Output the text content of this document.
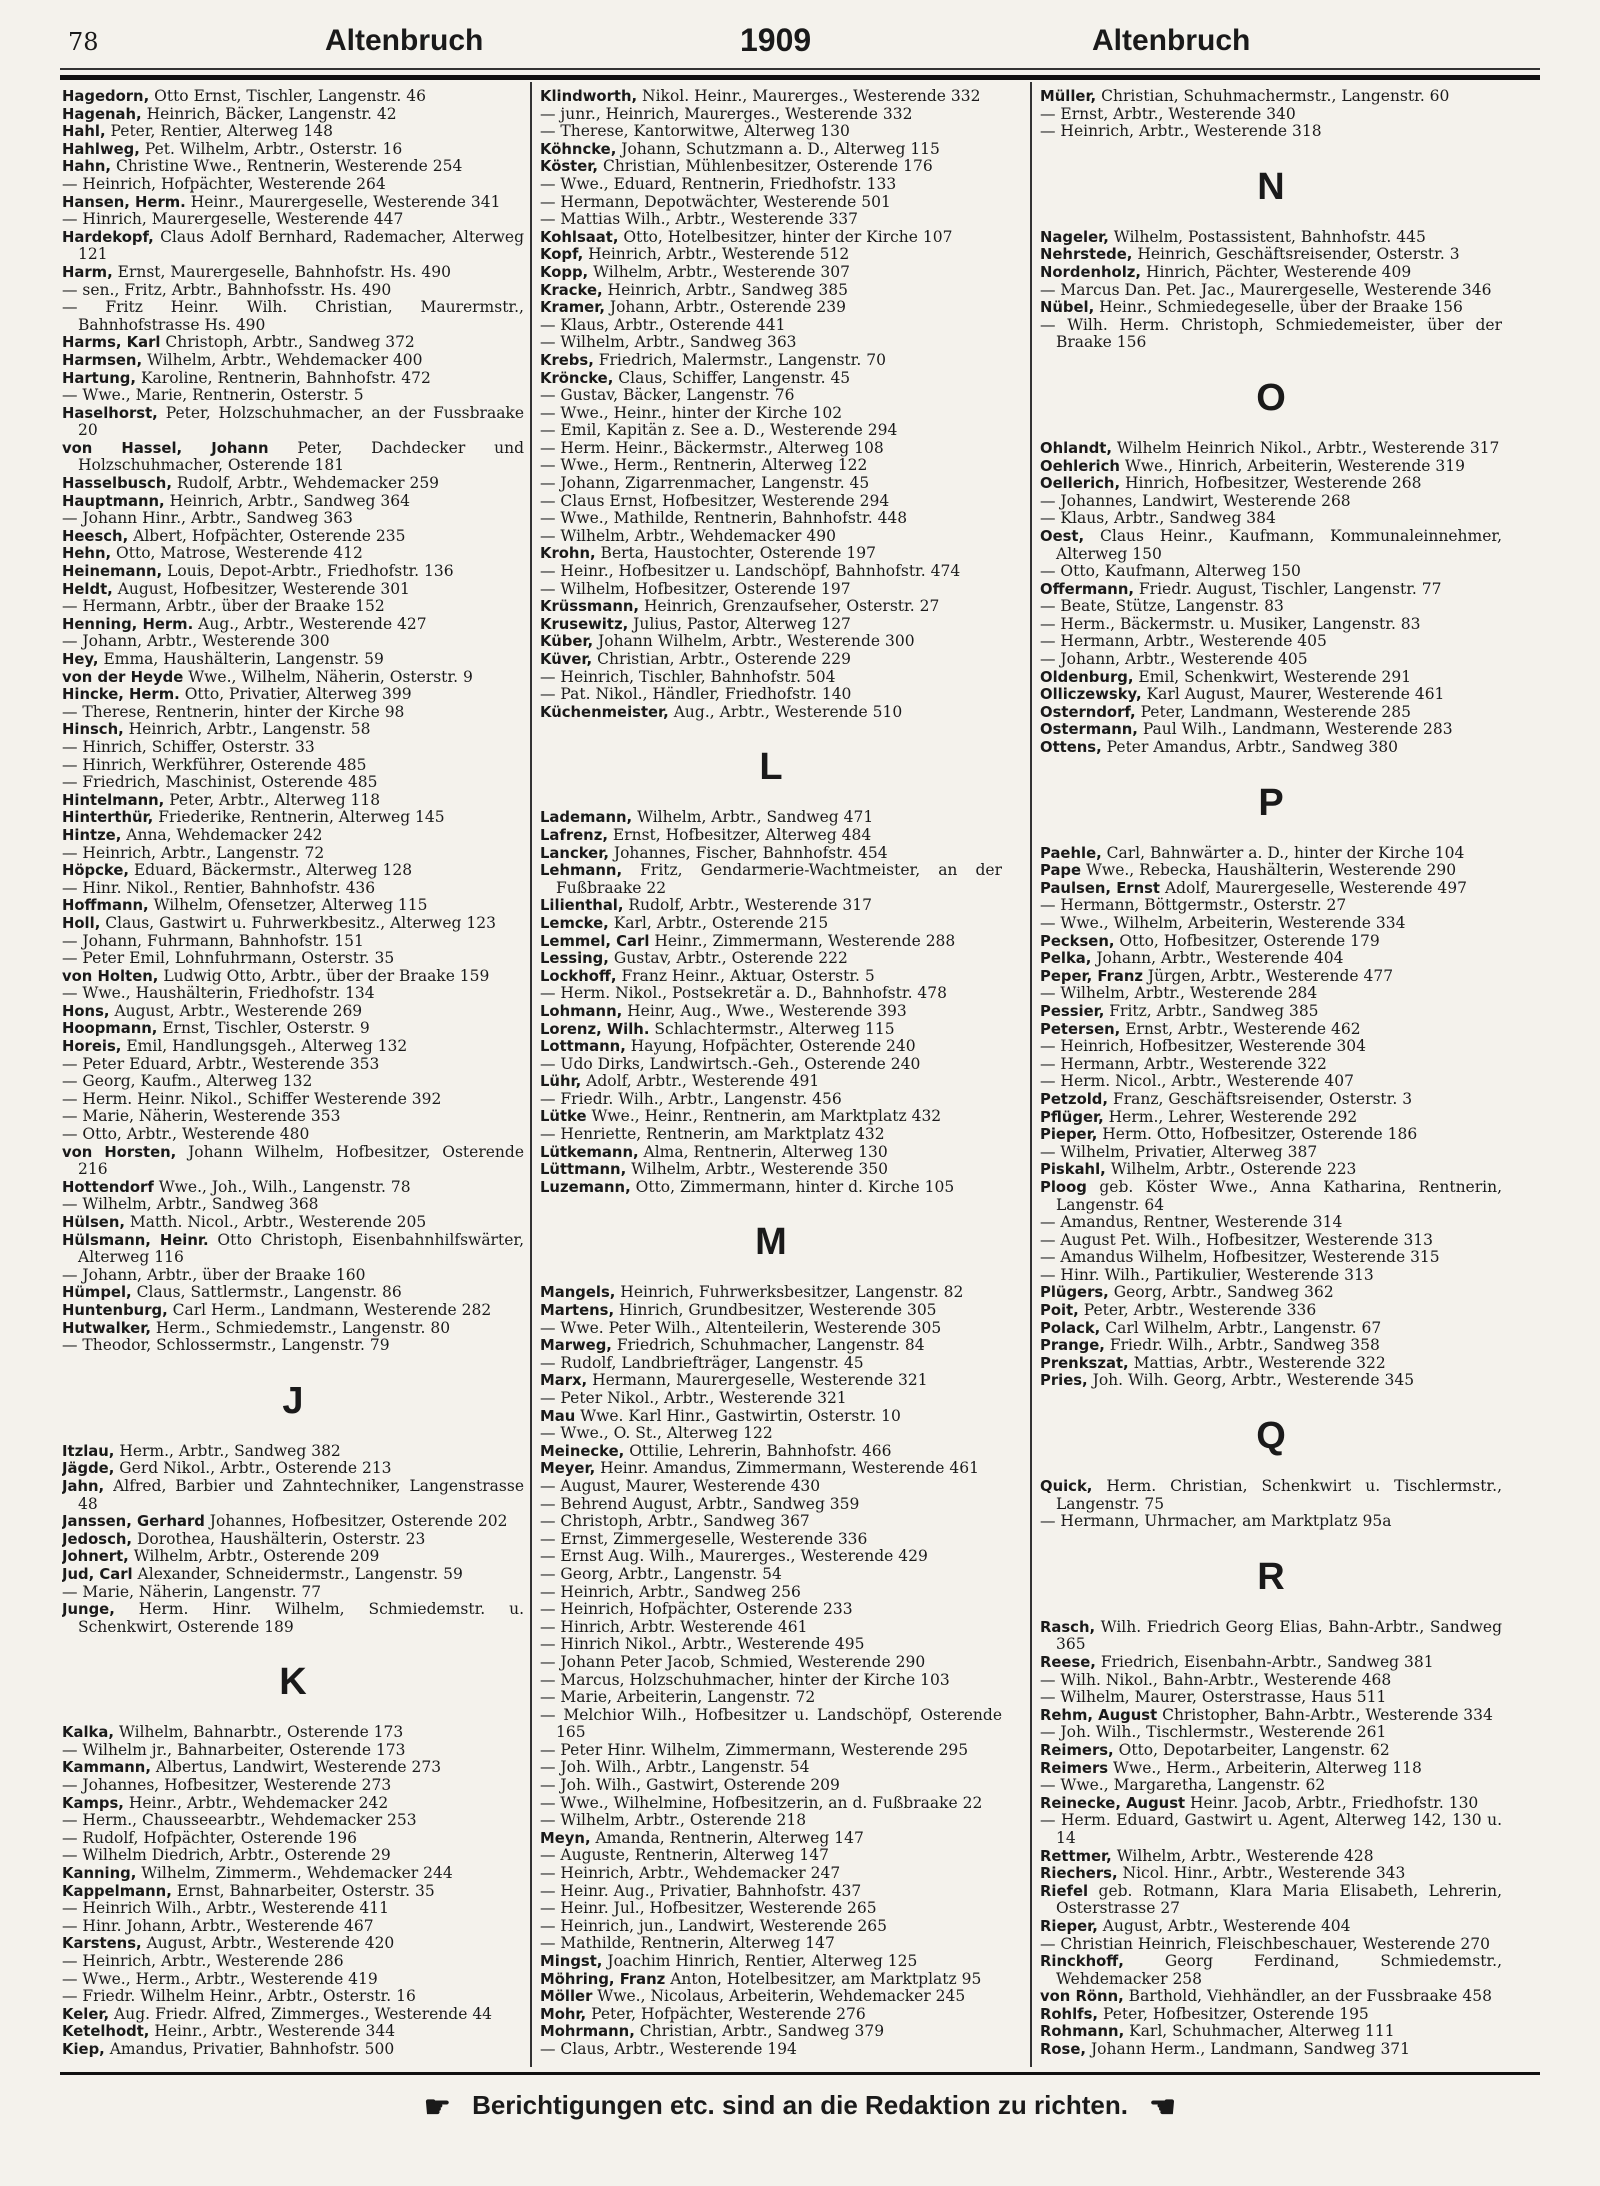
78	Altenbruch	1909	Altenbruch
Hagedorn, Otto Ernst, Tischler, Langenstr. 46
Hagenah, Heinrich, Bäcker, Langenstr. 42
Hahl, Peter, Rentier, Alterweg 148
Hahlweg, Pet. Wilhelm, Arbtr., Osterstr. 16
Hahn, Christine Wwe., Rentnerin, Westerende 254
— Heinrich, Hofpächter, Westerende 264
Hansen, Herm. Heinr., Maurergeselle, Westerende 341
— Hinrich, Maurergeselle, Westerende 447
Hardekopf, Claus Adolf Bernhard, Rademacher, Alterweg 121
Harm, Ernst, Maurergeselle, Bahnhofstr. Hs. 490
— sen., Fritz, Arbtr., Bahnhofsstr. Hs. 490
— Fritz Heinr. Wilh. Christian, Maurermstr., Bahnhofstrasse Hs. 490
Harms, Karl Christoph, Arbtr., Sandweg 372
Harmsen, Wilhelm, Arbtr., Wehdemacker 400
Hartung, Karoline, Rentnerin, Bahnhofstr. 472
— Wwe., Marie, Rentnerin, Osterstr. 5
Haselhorst, Peter, Holzschuhmacher, an der Fussbraake 20
von Hassel, Johann Peter, Dachdecker und Holzschuhmacher, Osterende 181
Hasselbusch, Rudolf, Arbtr., Wehdemacker 259
Hauptmann, Heinrich, Arbtr., Sandweg 364
— Johann Hinr., Arbtr., Sandweg 363
Heesch, Albert, Hofpächter, Osterende 235
Hehn, Otto, Matrose, Westerende 412
Heinemann, Louis, Depot-Arbtr., Friedhofstr. 136
Heldt, August, Hofbesitzer, Westerende 301
— Hermann, Arbtr., über der Braake 152
Henning, Herm. Aug., Arbtr., Westerende 427
— Johann, Arbtr., Westerende 300
Hey, Emma, Haushälterin, Langenstr. 59
von der Heyde Wwe., Wilhelm, Näherin, Osterstr. 9
Hincke, Herm. Otto, Privatier, Alterweg 399
— Therese, Rentnerin, hinter der Kirche 98
Hinsch, Heinrich, Arbtr., Langenstr. 58
— Hinrich, Schiffer, Osterstr. 33
— Hinrich, Werkführer, Osterende 485
— Friedrich, Maschinist, Osterende 485
Hintelmann, Peter, Arbtr., Alterweg 118
Hinterthür, Friederike, Rentnerin, Alterweg 145
Hintze, Anna, Wehdemacker 242
— Heinrich, Arbtr., Langenstr. 72
Höpcke, Eduard, Bäckermstr., Alterweg 128
— Hinr. Nikol., Rentier, Bahnhofstr. 436
Hoffmann, Wilhelm, Ofensetzer, Alterweg 115
Holl, Claus, Gastwirt u. Fuhrwerkbesitz., Alterweg 123
— Johann, Fuhrmann, Bahnhofstr. 151
— Peter Emil, Lohnfuhrmann, Osterstr. 35
von Holten, Ludwig Otto, Arbtr., über der Braake 159
— Wwe., Haushälterin, Friedhofstr. 134
Hons, August, Arbtr., Westerende 269
Hoopmann, Ernst, Tischler, Osterstr. 9
Horeis, Emil, Handlungsgeh., Alterweg 132
— Peter Eduard, Arbtr., Westerende 353
— Georg, Kaufm., Alterweg 132
— Herm. Heinr. Nikol., Schiffer Westerende 392
— Marie, Näherin, Westerende 353
— Otto, Arbtr., Westerende 480
von Horsten, Johann Wilhelm, Hofbesitzer, Osterende 216
Hottendorf Wwe., Joh., Wilh., Langenstr. 78
— Wilhelm, Arbtr., Sandweg 368
Hülsen, Matth. Nicol., Arbtr., Westerende 205
Hülsmann, Heinr. Otto Christoph, Eisenbahnhilfswärter, Alterweg 116
— Johann, Arbtr., über der Braake 160
Hümpel, Claus, Sattlermstr., Langenstr. 86
Huntenburg, Carl Herm., Landmann, Westerende 282
Hutwalker, Herm., Schmiedemstr., Langenstr. 80
— Theodor, Schlossermstr., Langenstr. 79
J
Itzlau, Herm., Arbtr., Sandweg 382
Jägde, Gerd Nikol., Arbtr., Osterende 213
Jahn, Alfred, Barbier und Zahntechniker, Langenstrasse 48
Janssen, Gerhard Johannes, Hofbesitzer, Osterende 202
Jedosch, Dorothea, Haushälterin, Osterstr. 23
Johnert, Wilhelm, Arbtr., Osterende 209
Jud, Carl Alexander, Schneidermstr., Langenstr. 59
— Marie, Näherin, Langenstr. 77
Junge, Herm. Hinr. Wilhelm, Schmiedemstr. u. Schenkwirt, Osterende 189
K
Kalka, Wilhelm, Bahnarbtr., Osterende 173
— Wilhelm jr., Bahnarbeiter, Osterende 173
Kammann, Albertus, Landwirt, Westerende 273
— Johannes, Hofbesitzer, Westerende 273
Kamps, Heinr., Arbtr., Wehdemacker 242
— Herm., Chausseearbtr., Wehdemacker 253
— Rudolf, Hofpächter, Osterende 196
— Wilhelm Diedrich, Arbtr., Osterende 29
Kanning, Wilhelm, Zimmerm., Wehdemacker 244
Kappelmann, Ernst, Bahnarbeiter, Osterstr. 35
— Heinrich Wilh., Arbtr., Westerende 411
— Hinr. Johann, Arbtr., Westerende 467
Karstens, August, Arbtr., Westerende 420
— Heinrich, Arbtr., Westerende 286
— Wwe., Herm., Arbtr., Westerende 419
— Friedr. Wilhelm Heinr., Arbtr., Osterstr. 16
Keler, Aug. Friedr. Alfred, Zimmerges., Westerende 44
Ketelhodt, Heinr., Arbtr., Westerende 344
Kiep, Amandus, Privatier, Bahnhofstr. 500
Klindworth, Nikol. Heinr., Maurerges., Westerende 332
— junr., Heinrich, Maurerges., Westerende 332
— Therese, Kantorwitwe, Alterweg 130
Köhncke, Johann, Schutzmann a. D., Alterweg 115
Köster, Christian, Mühlenbesitzer, Osterende 176
— Wwe., Eduard, Rentnerin, Friedhofstr. 133
— Hermann, Depotwächter, Westerende 501
— Mattias Wilh., Arbtr., Westerende 337
Kohlsaat, Otto, Hotelbesitzer, hinter der Kirche 107
Kopf, Heinrich, Arbtr., Westerende 512
Kopp, Wilhelm, Arbtr., Westerende 307
Kracke, Heinrich, Arbtr., Sandweg 385
Kramer, Johann, Arbtr., Osterende 239
— Klaus, Arbtr., Osterende 441
— Wilhelm, Arbtr., Sandweg 363
Krebs, Friedrich, Malermstr., Langenstr. 70
Kröncke, Claus, Schiffer, Langenstr. 45
— Gustav, Bäcker, Langenstr. 76
— Wwe., Heinr., hinter der Kirche 102
— Emil, Kapitän z. See a. D., Westerende 294
— Herm. Heinr., Bäckermstr., Alterweg 108
— Wwe., Herm., Rentnerin, Alterweg 122
— Johann, Zigarrenmacher, Langenstr. 45
— Claus Ernst, Hofbesitzer, Westerende 294
— Wwe., Mathilde, Rentnerin, Bahnhofstr. 448
— Wilhelm, Arbtr., Wehdemacker 490
Krohn, Berta, Haustochter, Osterende 197
— Heinr., Hofbesitzer u. Landschöpf, Bahnhofstr. 474
— Wilhelm, Hofbesitzer, Osterende 197
Krüssmann, Heinrich, Grenzaufseher, Osterstr. 27
Krusewitz, Julius, Pastor, Alterweg 127
Küber, Johann Wilhelm, Arbtr., Westerende 300
Küver, Christian, Arbtr., Osterende 229
— Heinrich, Tischler, Bahnhofstr. 504
— Pat. Nikol., Händler, Friedhofstr. 140
Küchenmeister, Aug., Arbtr., Westerende 510
L
Lademann, Wilhelm, Arbtr., Sandweg 471
Lafrenz, Ernst, Hofbesitzer, Alterweg 484
Lancker, Johannes, Fischer, Bahnhofstr. 454
Lehmann, Fritz, Gendarmerie-Wachtmeister, an der Fußbraake 22
Lilienthal, Rudolf, Arbtr., Westerende 317
Lemcke, Karl, Arbtr., Osterende 215
Lemmel, Carl Heinr., Zimmermann, Westerende 288
Lessing, Gustav, Arbtr., Osterende 222
Lockhoff, Franz Heinr., Aktuar, Osterstr. 5
— Herm. Nikol., Postsekretär a. D., Bahnhofstr. 478
Lohmann, Heinr, Aug., Wwe., Westerende 393
Lorenz, Wilh. Schlachtermstr., Alterweg 115
Lottmann, Hayung, Hofpächter, Osterende 240
— Udo Dirks, Landwirtsch.-Geh., Osterende 240
Lühr, Adolf, Arbtr., Westerende 491
— Friedr. Wilh., Arbtr., Langenstr. 456
Lütke Wwe., Heinr., Rentnerin, am Marktplatz 432
— Henriette, Rentnerin, am Marktplatz 432
Lütkemann, Alma, Rentnerin, Alterweg 130
Lüttmann, Wilhelm, Arbtr., Westerende 350
Luzemann, Otto, Zimmermann, hinter d. Kirche 105
M
Mangels, Heinrich, Fuhrwerksbesitzer, Langenstr. 82
Martens, Hinrich, Grundbesitzer, Westerende 305
— Wwe. Peter Wilh., Altenteilerin, Westerende 305
Marweg, Friedrich, Schuhmacher, Langenstr. 84
— Rudolf, Landbriefträger, Langenstr. 45
Marx, Hermann, Maurergeselle, Westerende 321
— Peter Nikol., Arbtr., Westerende 321
Mau Wwe. Karl Hinr., Gastwirtin, Osterstr. 10
— Wwe., O. St., Alterweg 122
Meinecke, Ottilie, Lehrerin, Bahnhofstr. 466
Meyer, Heinr. Amandus, Zimmermann, Westerende 461
— August, Maurer, Westerende 430
— Behrend August, Arbtr., Sandweg 359
— Christoph, Arbtr., Sandweg 367
— Ernst, Zimmergeselle, Westerende 336
— Ernst Aug. Wilh., Maurerges., Westerende 429
— Georg, Arbtr., Langenstr. 54
— Heinrich, Arbtr., Sandweg 256
— Heinrich, Hofpächter, Osterende 233
— Hinrich, Arbtr. Westerende 461
— Hinrich Nikol., Arbtr., Westerende 495
— Johann Peter Jacob, Schmied, Westerende 290
— Marcus, Holzschuhmacher, hinter der Kirche 103
— Marie, Arbeiterin, Langenstr. 72
— Melchior Wilh., Hofbesitzer u. Landschöpf, Osterende 165
— Peter Hinr. Wilhelm, Zimmermann, Westerende 295
— Joh. Wilh., Arbtr., Langenstr. 54
— Joh. Wilh., Gastwirt, Osterende 209
— Wwe., Wilhelmine, Hofbesitzerin, an d. Fußbraake 22
— Wilhelm, Arbtr., Osterende 218
Meyn, Amanda, Rentnerin, Alterweg 147
— Auguste, Rentnerin, Alterweg 147
— Heinrich, Arbtr., Wehdemacker 247
— Heinr. Aug., Privatier, Bahnhofstr. 437
— Heinr. Jul., Hofbesitzer, Westerende 265
— Heinrich, jun., Landwirt, Westerende 265
— Mathilde, Rentnerin, Alterweg 147
Mingst, Joachim Hinrich, Rentier, Alterweg 125
Möhring, Franz Anton, Hotelbesitzer, am Marktplatz 95
Möller Wwe., Nicolaus, Arbeiterin, Wehdemacker 245
Mohr, Peter, Hofpächter, Westerende 276
Mohrmann, Christian, Arbtr., Sandweg 379
— Claus, Arbtr., Westerende 194
Müller, Christian, Schuhmachermstr., Langenstr. 60
— Ernst, Arbtr., Westerende 340
— Heinrich, Arbtr., Westerende 318
N
Nageler, Wilhelm, Postassistent, Bahnhofstr. 445
Nehrstede, Heinrich, Geschäftsreisender, Osterstr. 3
Nordenholz, Hinrich, Pächter, Westerende 409
— Marcus Dan. Pet. Jac., Maurergeselle, Westerende 346
Nübel, Heinr., Schmiedegeselle, über der Braake 156
— Wilh. Herm. Christoph, Schmiedemeister, über der Braake 156
O
Ohlandt, Wilhelm Heinrich Nikol., Arbtr., Westerende 317
Oehlerich Wwe., Hinrich, Arbeiterin, Westerende 319
Oellerich, Hinrich, Hofbesitzer, Westerende 268
— Johannes, Landwirt, Westerende 268
— Klaus, Arbtr., Sandweg 384
Oest, Claus Heinr., Kaufmann, Kommunaleinnehmer, Alterweg 150
— Otto, Kaufmann, Alterweg 150
Offermann, Friedr. August, Tischler, Langenstr. 77
— Beate, Stütze, Langenstr. 83
— Herm., Bäckermstr. u. Musiker, Langenstr. 83
— Hermann, Arbtr., Westerende 405
— Johann, Arbtr., Westerende 405
Oldenburg, Emil, Schenkwirt, Westerende 291
Olliczewsky, Karl August, Maurer, Westerende 461
Osterndorf, Peter, Landmann, Westerende 285
Ostermann, Paul Wilh., Landmann, Westerende 283
Ottens, Peter Amandus, Arbtr., Sandweg 380
P
Paehle, Carl, Bahnwärter a. D., hinter der Kirche 104
Pape Wwe., Rebecka, Haushälterin, Westerende 290
Paulsen, Ernst Adolf, Maurergeselle, Westerende 497
— Hermann, Böttgermstr., Osterstr. 27
— Wwe., Wilhelm, Arbeiterin, Westerende 334
Pecksen, Otto, Hofbesitzer, Osterende 179
Pelka, Johann, Arbtr., Westerende 404
Peper, Franz Jürgen, Arbtr., Westerende 477
— Wilhelm, Arbtr., Westerende 284
Pessier, Fritz, Arbtr., Sandweg 385
Petersen, Ernst, Arbtr., Westerende 462
— Heinrich, Hofbesitzer, Westerende 304
— Hermann, Arbtr., Westerende 322
— Herm. Nicol., Arbtr., Westerende 407
Petzold, Franz, Geschäftsreisender, Osterstr. 3
Pflüger, Herm., Lehrer, Westerende 292
Pieper, Herm. Otto, Hofbesitzer, Osterende 186
— Wilhelm, Privatier, Alterweg 387
Piskahl, Wilhelm, Arbtr., Osterende 223
Ploog geb. Köster Wwe., Anna Katharina, Rentnerin, Langenstr. 64
— Amandus, Rentner, Westerende 314
— August Pet. Wilh., Hofbesitzer, Westerende 313
— Amandus Wilhelm, Hofbesitzer, Westerende 315
— Hinr. Wilh., Partikulier, Westerende 313
Plügers, Georg, Arbtr., Sandweg 362
Poit, Peter, Arbtr., Westerende 336
Polack, Carl Wilhelm, Arbtr., Langenstr. 67
Prange, Friedr. Wilh., Arbtr., Sandweg 358
Prenkszat, Mattias, Arbtr., Westerende 322
Pries, Joh. Wilh. Georg, Arbtr., Westerende 345
Q
Quick, Herm. Christian, Schenkwirt u. Tischlermstr., Langenstr. 75
— Hermann, Uhrmacher, am Marktplatz 95a
R
Rasch, Wilh. Friedrich Georg Elias, Bahn-Arbtr., Sandweg 365
Reese, Friedrich, Eisenbahn-Arbtr., Sandweg 381
— Wilh. Nikol., Bahn-Arbtr., Westerende 468
— Wilhelm, Maurer, Osterstrasse, Haus 511
Rehm, August Christopher, Bahn-Arbtr., Westerende 334
— Joh. Wilh., Tischlermstr., Westerende 261
Reimers, Otto, Depotarbeiter, Langenstr. 62
Reimers Wwe., Herm., Arbeiterin, Alterweg 118
— Wwe., Margaretha, Langenstr. 62
Reinecke, August Heinr. Jacob, Arbtr., Friedhofstr. 130
— Herm. Eduard, Gastwirt u. Agent, Alterweg 142, 130 u. 14
Rettmer, Wilhelm, Arbtr., Westerende 428
Riechers, Nicol. Hinr., Arbtr., Westerende 343
Riefel geb. Rotmann, Klara Maria Elisabeth, Lehrerin, Osterstrasse 27
Rieper, August, Arbtr., Westerende 404
— Christian Heinrich, Fleischbeschauer, Westerende 270
Rinckhoff, Georg Ferdinand, Schmiedemstr., Wehdemacker 258
von Rönn, Barthold, Viehhändler, an der Fussbraake 458
Rohlfs, Peter, Hofbesitzer, Osterende 195
Rohmann, Karl, Schuhmacher, Alterweg 111
Rose, Johann Herm., Landmann, Sandweg 371
☛ Berichtigungen etc. sind an die Redaktion zu richten. ☚
